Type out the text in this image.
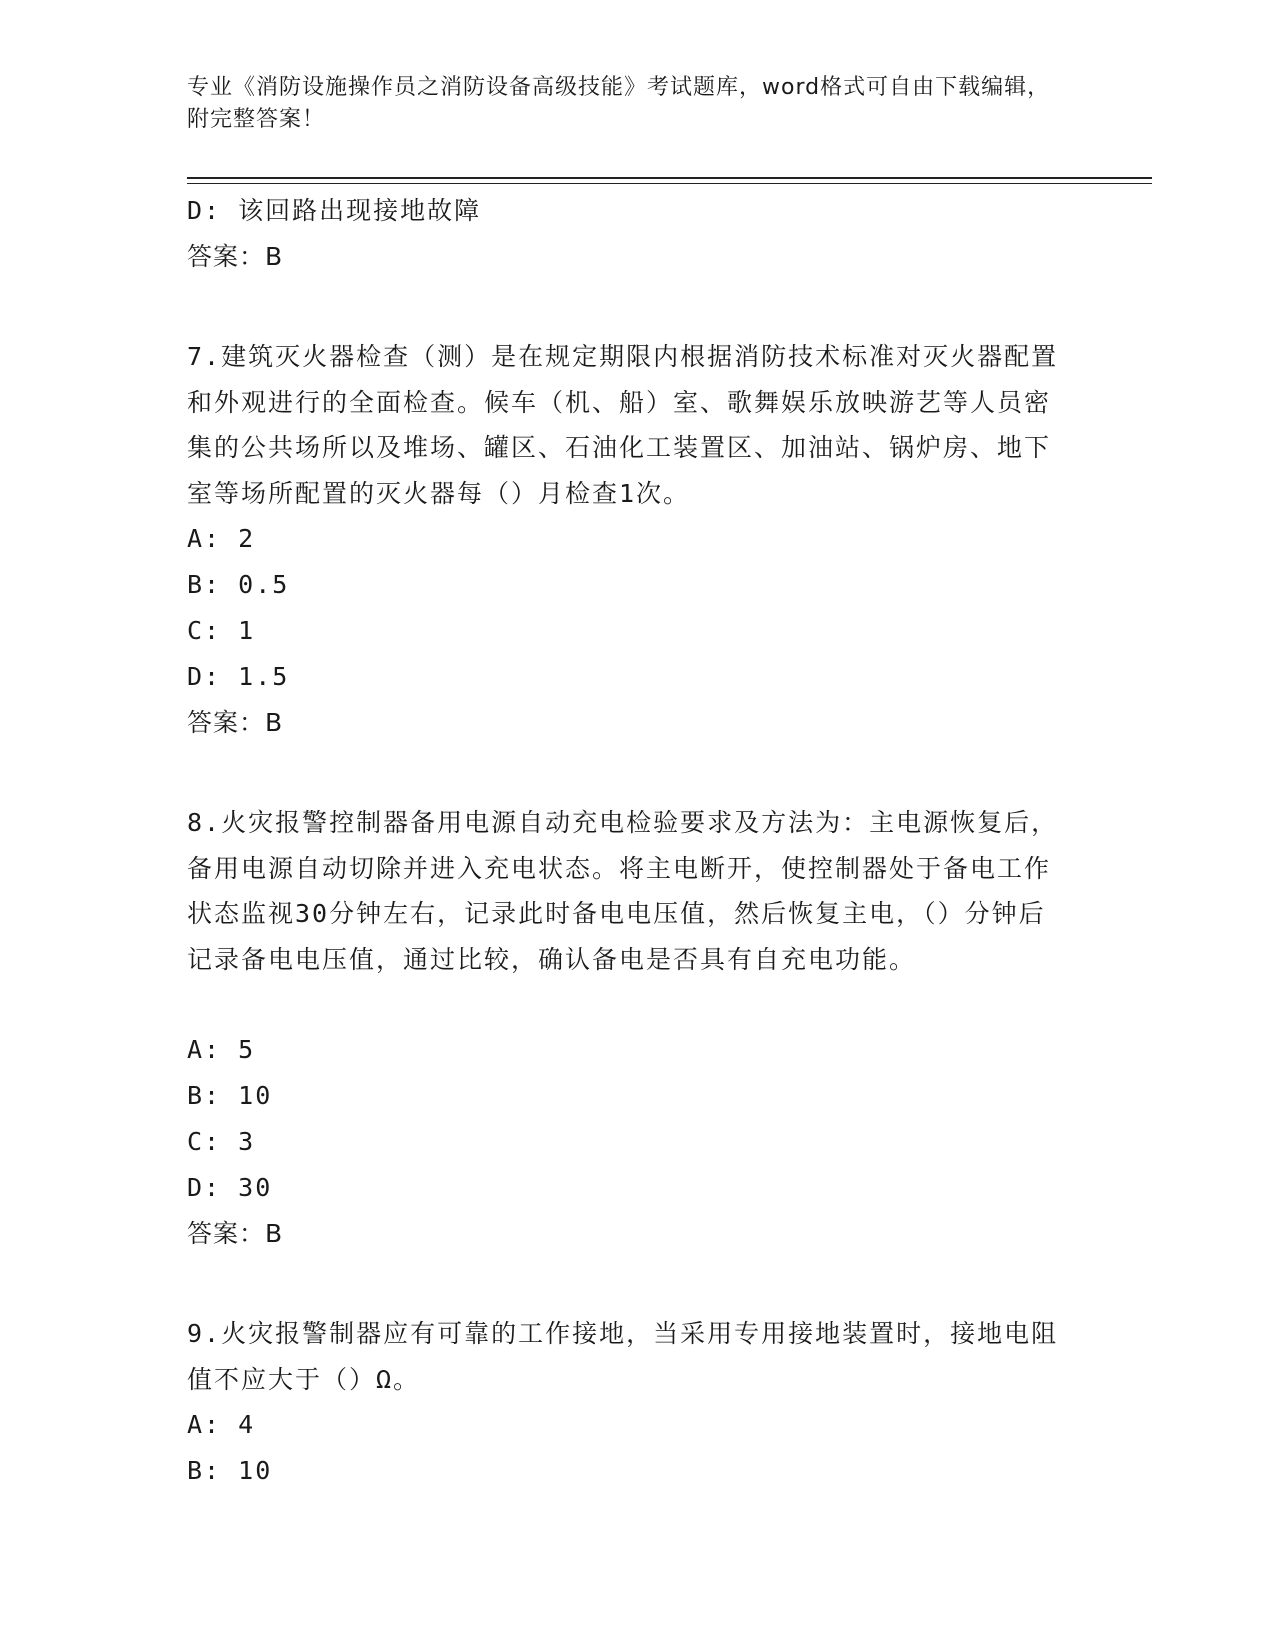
专业《消防设施操作员之消防设备高级技能》考试题库，word格式可自由下载编辑，附完整答案！
D: 该回路出现接地故障
答案：B
7.建筑灭火器检查（测）是在规定期限内根据消防技术标准对灭火器配置和外观进行的全面检查。候车（机、船）室、歌舞娱乐放映游艺等人员密集的公共场所以及堆场、罐区、石油化工装置区、加油站、锅炉房、地下室等场所配置的灭火器每（）月检查1次。
A: 2
B: 0.5
C: 1
D: 1.5
答案：B
8.火灾报警控制器备用电源自动充电检验要求及方法为：主电源恢复后，备用电源自动切除并进入充电状态。将主电断开，使控制器处于备电工作状态监视30分钟左右，记录此时备电电压值，然后恢复主电，（）分钟后记录备电电压值，通过比较，确认备电是否具有自充电功能。
A: 5
B: 10
C: 3
D: 30
答案：B
9.火灾报警制器应有可靠的工作接地，当采用专用接地装置时，接地电阻值不应大于（）Ω。
A: 4
B: 10
